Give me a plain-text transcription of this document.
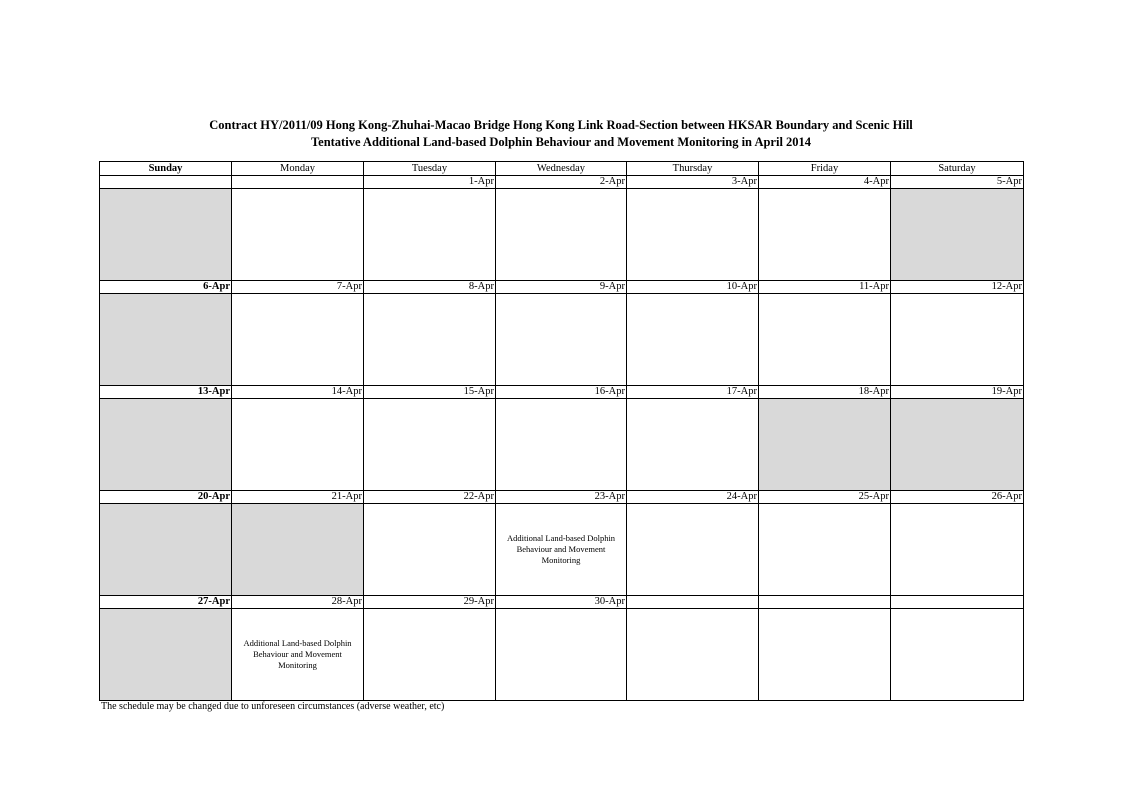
Contract HY/2011/09 Hong Kong-Zhuhai-Macao Bridge Hong Kong Link Road-Section between HKSAR Boundary and Scenic Hill
Tentative Additional Land-based Dolphin Behaviour and Movement Monitoring in April 2014
Sunday	Monday	Tuesday	Wednesday	Thursday	Friday	Saturday
		1-Apr	2-Apr	3-Apr	4-Apr	5-Apr

6-Apr	7-Apr	8-Apr	9-Apr	10-Apr	11-Apr	12-Apr

13-Apr	14-Apr	15-Apr	16-Apr	17-Apr	18-Apr	19-Apr

20-Apr	21-Apr	22-Apr	23-Apr	24-Apr	25-Apr	26-Apr

			Additional Land-based Dolphin Behaviour and Movement Monitoring			

27-Apr	28-Apr	29-Apr	30-Apr			

	Additional Land-based Dolphin Behaviour and Movement Monitoring					

The schedule may be changed due to unforeseen circumstances (adverse weather, etc)
